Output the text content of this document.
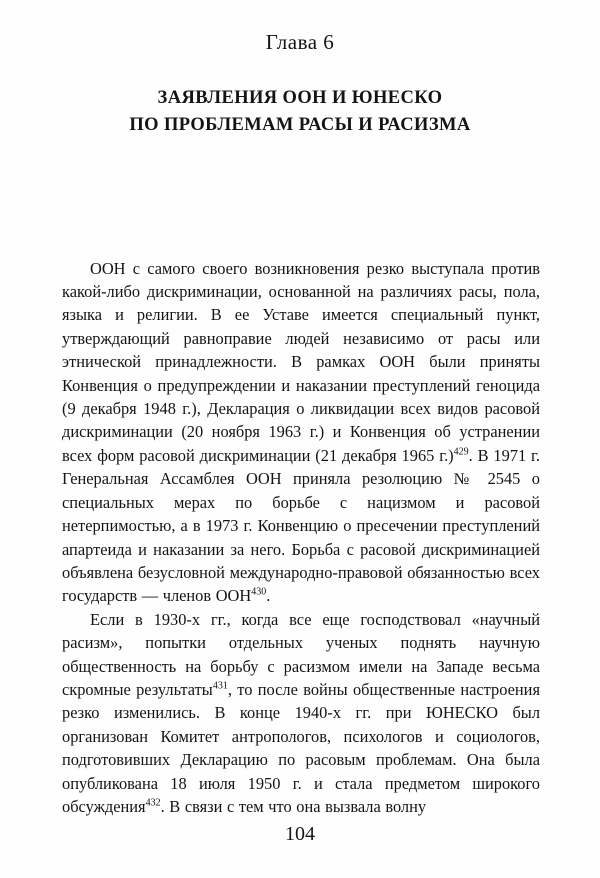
Глава 6
ЗАЯВЛЕНИЯ ООН И ЮНЕСКО
ПО ПРОБЛЕМАМ РАСЫ И РАСИЗМА

ООН с самого своего возникновения резко выступала против какой-либо дискриминации, основанной на различиях расы, пола, языка и религии. В ее Уставе имеется специальный пункт, утверждающий равноправие людей независимо от расы или этнической принадлежности. В рамках ООН были приняты Конвенция о предупреждении и наказании преступлений геноцида (9 декабря 1948 г.), Декларация о ликвидации всех видов расовой дискриминации (20 ноября 1963 г.) и Конвенция об устранении всех форм расовой дискриминации (21 декабря 1965 г.)$^{429}$. В 1971 г. Генеральная Ассамблея ООН приняла резолюцию № 2545 о специальных мерах по борьбе с нацизмом и расовой нетерпимостью, а в 1973 г. Конвенцию о пресечении преступлений апартеида и наказании за него. Борьба с расовой дискриминацией объявлена безусловной международно-правовой обязанностью всех государств — членов ООН$^{430}$.

Если в 1930-х гг., когда все еще господствовал «научный расизм», попытки отдельных ученых поднять научную общественность на борьбу с расизмом имели на Западе весьма скромные результаты$^{431}$, то после войны общественные настроения резко изменились. В конце 1940-х гг. при ЮНЕСКО был организован Комитет антропологов, психологов и социологов, подготовивших Декларацию по расовым проблемам. Она была опубликована 18 июля 1950 г. и стала предметом широкого обсуждения$^{432}$. В связи с тем что она вызвала волну

104
